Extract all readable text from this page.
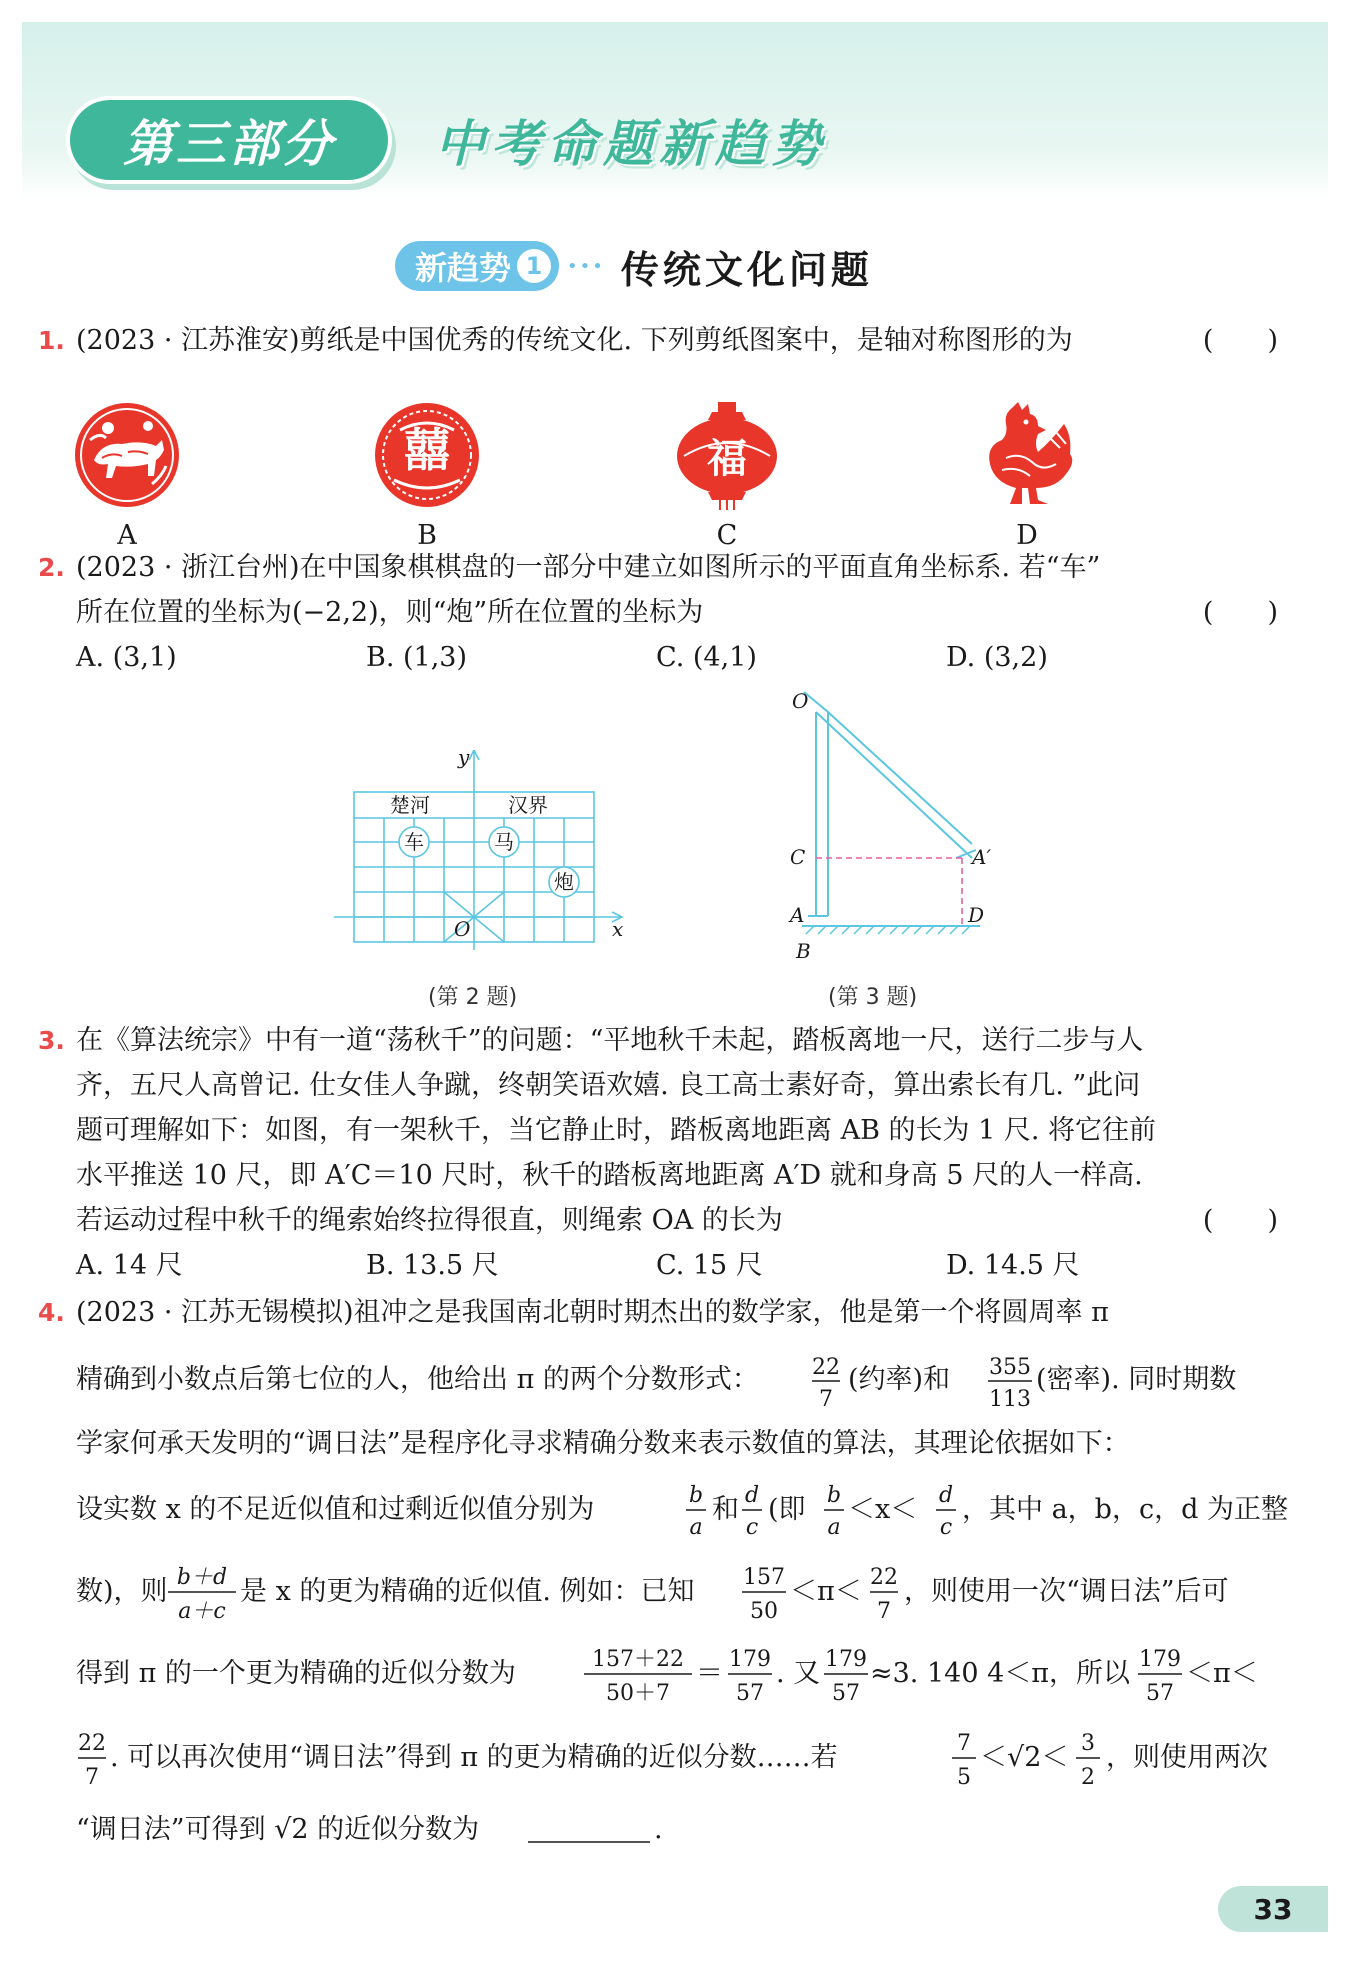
第三部分	中考命题新趋势
新趋势 1	••• 传统文化问题
1. (2023 · 江苏淮安)剪纸是中国优秀的传统文化. 下列剪纸图案中，是轴对称图形的为	(　　)
A
囍
B
福
C	D
2. (2023 · 浙江台州)在中国象棋棋盘的一部分中建立如图所示的平面直角坐标系. 若“车”
所在位置的坐标为(−2,2)，则“炮”所在位置的坐标为	(　　)
A. (3,1)	B. (1,3)	C. (4,1)	D. (3,2)
楚河	汉界
车	马
炮
O	x
y
(第 2 题)
O
C	A′
A	D
B
(第 3 题)
3. 在《算法统宗》中有一道“荡秋千”的问题：“平地秋千未起，踏板离地一尺，送行二步与人
齐，五尺人高曾记. 仕女佳人争蹴，终朝笑语欢嬉. 良工高士素好奇，算出索长有几. ”此问
题可理解如下：如图，有一架秋千，当它静止时，踏板离地距离 AB 的长为 1 尺. 将它往前
水平推送 10 尺，即 A′C＝10 尺时，秋千的踏板离地距离 A′D 就和身高 5 尺的人一样高.
若运动过程中秋千的绳索始终拉得很直，则绳索 OA 的长为	(　　)
A. 14 尺	B. 13.5 尺	C. 15 尺	D. 14.5 尺
4. (2023 · 江苏无锡模拟)祖冲之是我国南北朝时期杰出的数学家，他是第一个将圆周率 π
精确到小数点后第七位的人，他给出 π 的两个分数形式： 22
7
(约率)和 355
113
(密率). 同时期数
学家何承天发明的“调日法”是程序化寻求精确分数来表示数值的算法，其理论依据如下：
设实数 x 的不足近似值和过剩近似值分别为	b
a
和 d
c
(即 b
a
＜x＜ d
c
，其中 a，b，c，d 为正整
数)，则 b＋d
a＋c
是 x 的更为精确的近似值. 例如：已知 157
50
＜π＜ 22
7
，则使用一次“调日法”后可
得到 π 的一个更为精确的近似分数为	157＋22
50＋7
＝ 179
57
. 又 179
57
≈3. 140 4＜π，所以 179
57
＜π＜
22
7
. 可以再次使用“调日法”得到 π 的更为精确的近似分数……若	7
5
＜√2＜ 3
2
，则使用两次
“调日法”可得到 √2 的近似分数为	.
33
